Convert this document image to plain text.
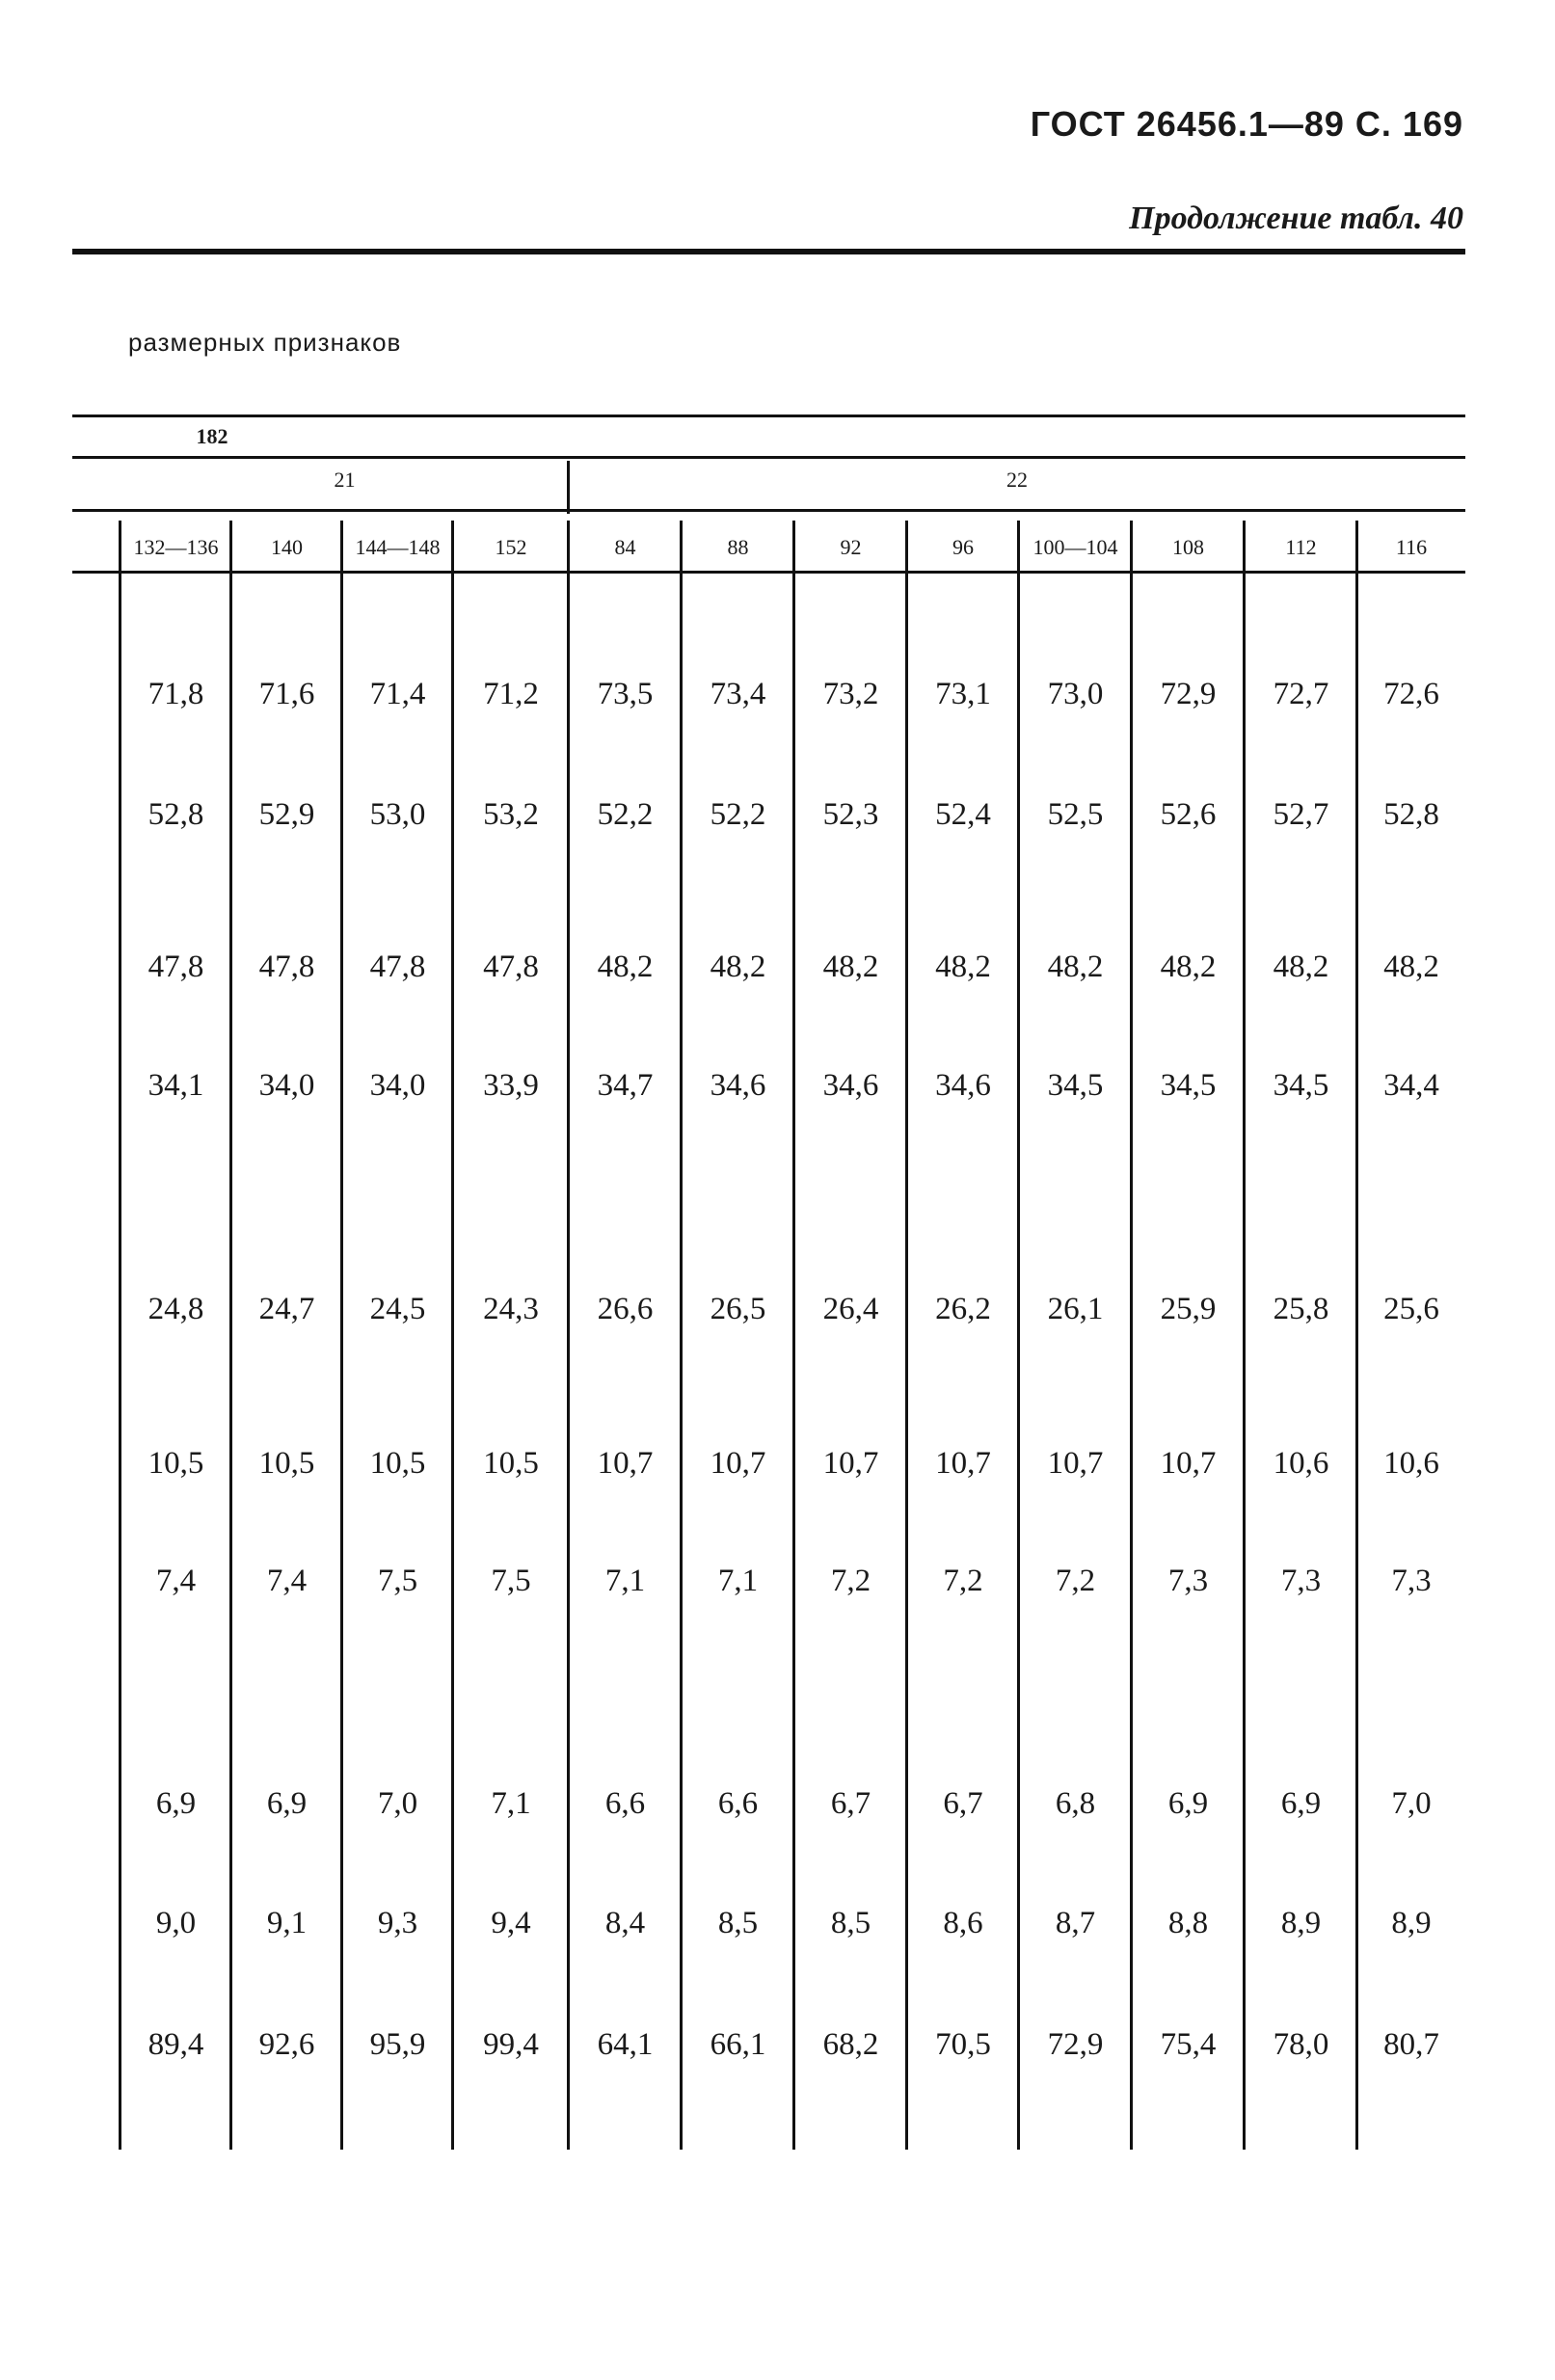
ГОСТ 26456.1—89 С. 169
Продолжение табл. 40
размерных признаков
182
21	22
132—136	140	144—148	152	84	88	92	96	100—104	108	112	116
71,8	71,6	71,4	71,2	73,5	73,4	73,2	73,1	73,0	72,9	72,7	72,6
52,8	52,9	53,0	53,2	52,2	52,2	52,3	52,4	52,5	52,6	52,7	52,8
47,8	47,8	47,8	47,8	48,2	48,2	48,2	48,2	48,2	48,2	48,2	48,2
34,1	34,0	34,0	33,9	34,7	34,6	34,6	34,6	34,5	34,5	34,5	34,4
24,8	24,7	24,5	24,3	26,6	26,5	26,4	26,2	26,1	25,9	25,8	25,6
10,5	10,5	10,5	10,5	10,7	10,7	10,7	10,7	10,7	10,7	10,6	10,6
7,4	7,4	7,5	7,5	7,1	7,1	7,2	7,2	7,2	7,3	7,3	7,3
6,9	6,9	7,0	7,1	6,6	6,6	6,7	6,7	6,8	6,9	6,9	7,0
9,0	9,1	9,3	9,4	8,4	8,5	8,5	8,6	8,7	8,8	8,9	8,9
89,4	92,6	95,9	99,4	64,1	66,1	68,2	70,5	72,9	75,4	78,0	80,7
